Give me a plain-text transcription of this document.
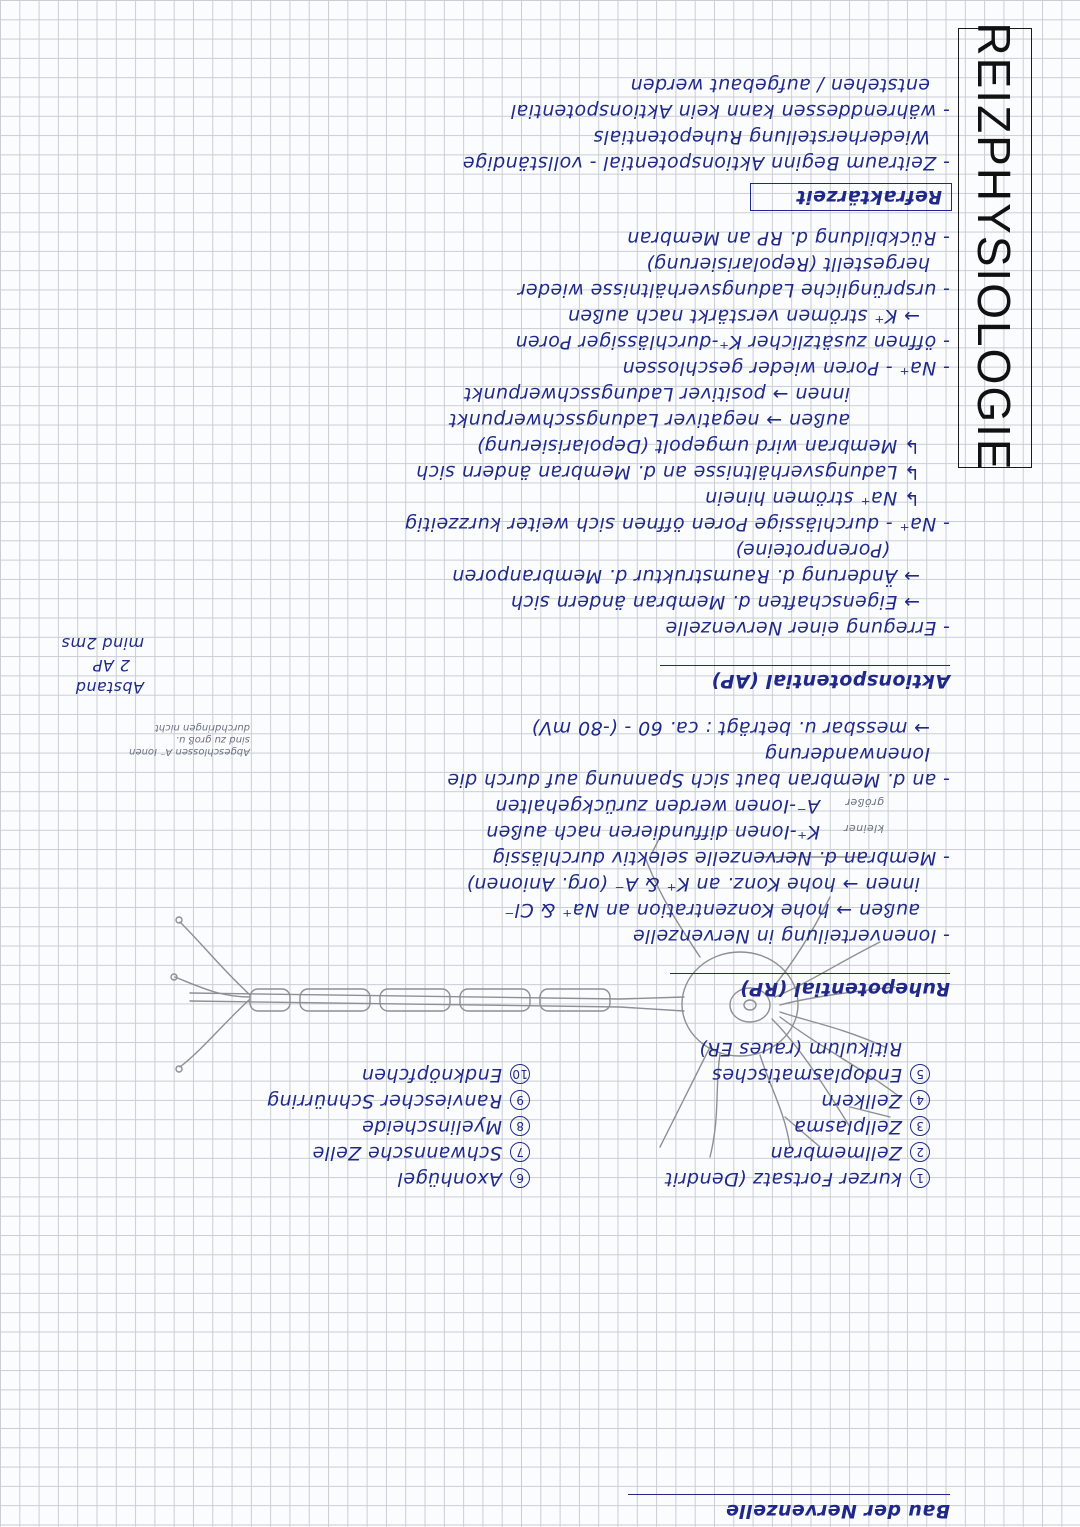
REIZPHYSIOLOGIE
Bau der Nervenzelle
1kurzer Fortsatz (Dendrit
2Zellmembran
3Zellplasma
4Zellkern
5Endoplasmatisches
Ritikulum (raues ER)
6Axonhügel
7Schwannsche Zelle
8Myelinscheide
9Ranviescher Schnürring
10Endknöpfchen
Ruhepotential (RP)
- Ionenverteilung in Nervenzelle
außen → hohe Konzentration an Na⁺ & Cl⁻
innen → hohe Konz. an K⁺ & A⁻ (org. Anionen)
- Membran d. Nervenzelle selektiv durchlässig
K⁺-Ionen diffundieren nach außen kleiner
A⁻-Ionen werden zurückgehalten größer
- an d. Membran baut sich Spannung auf durch die
Ionenwanderung
→ messbar u. beträgt : ca. 60 - (-80 mV)
Abgeschlossen A⁻ Ionen sind zu groß u. durchdringen nicht
Aktionspotential (AP)
Abstand
2 AP
mind 2ms
- Erregung einer Nervenzelle
→ Eigenschaften d. Membran ändern sich
→ Änderung d. Raumstruktur d. Membranporen
(Porenproteine)
- Na⁺ - durchlässige Poren öffnen sich weiter kurzzeitig
↳ Na⁺ strömen hinein
↳ Ladungsverhältnisse an d. Membran ändern sich
↳ Membran wird umgepolt (Depolarisierung)
außen → negativer Ladungsschwerpunkt
innen → positiver Ladungsschwerpunkt
- Na⁺ - Poren wieder geschlossen
- öffnen zusätzlicher K⁺-durchlässiger Poren
→ K⁺ strömen verstärkt nach außen
- ursprüngliche Ladungsverhältnisse wieder
hergestellt (Repolarisierung)
- Rückbildung d. RP an Membran
Refraktärzeit
- Zeitraum Beginn Aktionspotential - vollständige
Wiederherstellung Ruhepotentials
- währenddessen kann kein Aktionspotential
entstehen / aufgebaut werden
